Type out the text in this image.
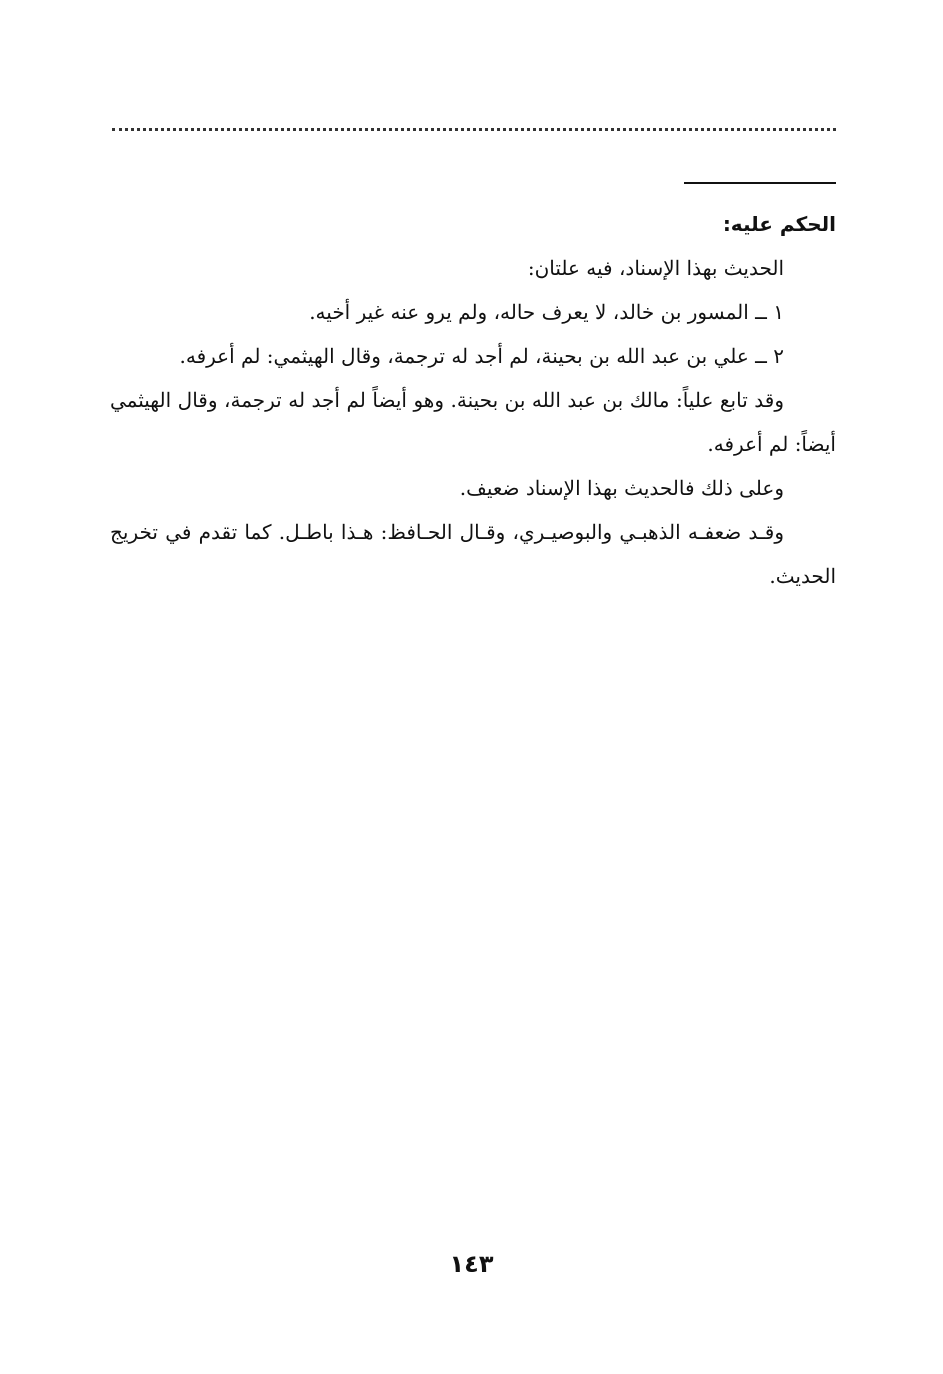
الحكم عليه:

الحديث بهذا الإسناد، فيه علتان:

١ ــ المسور بن خالد، لا يعرف حاله، ولم يرو عنه غير أخيه.

٢ ــ علي بن عبد الله بن بحينة، لم أجد له ترجمة، وقال الهيثمي: لم أعرفه.

وقد تابع علياً: مالك بن عبد الله بن بحينة. وهو أيضاً لم أجد له ترجمة، وقال الهيثمي أيضاً: لم أعرفه.

وعلى ذلك فالحديث بهذا الإسناد ضعيف.

وقـد ضعفـه الذهبـي والبوصيـري، وقـال الحـافظ: هـذا باطـل. كما تقدم في تخريج الحديث.

١٤٣
